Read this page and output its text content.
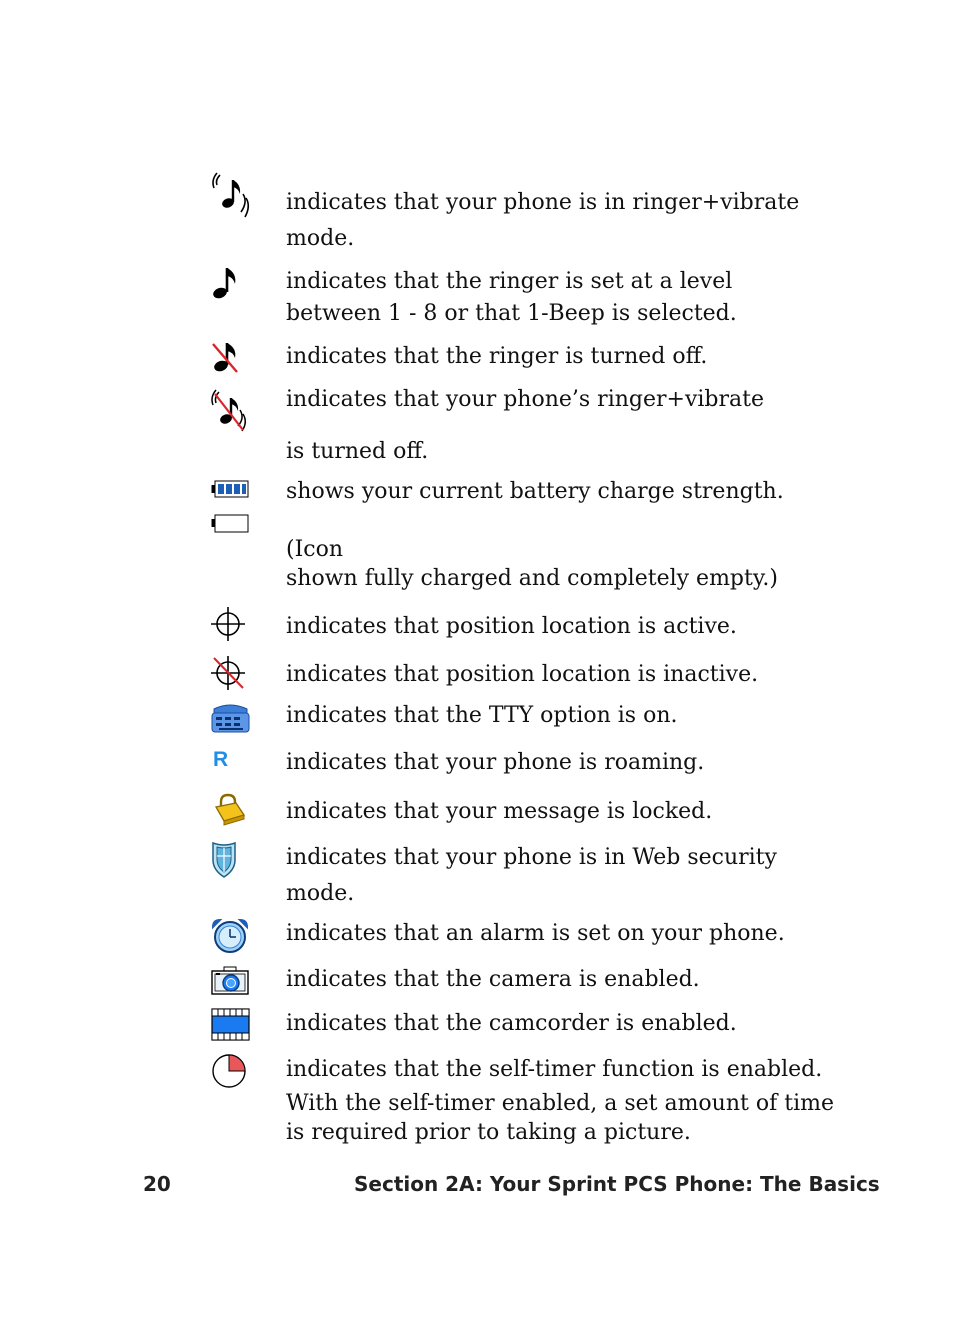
indicates that your phone is in ringer+vibrate
mode.
indicates that the ringer is set at a level
between 1 - 8 or that 1-Beep is selected.
indicates that the ringer is turned off.
indicates that your phone’s ringer+vibrate
is turned off.
shows your current battery charge strength.
(Icon
shown fully charged and completely empty.)
indicates that position location is active.
indicates that position location is inactive.
indicates that the TTY option is on.
R	indicates that your phone is roaming.
indicates that your message is locked.
indicates that your phone is in Web security
mode.
indicates that an alarm is set on your phone.
indicates that the camera is enabled.
indicates that the camcorder is enabled.
indicates that the self-timer function is enabled.
With the self-timer enabled, a set amount of time
is required prior to taking a picture.
20	Section 2A: Your Sprint PCS Phone: The Basics
